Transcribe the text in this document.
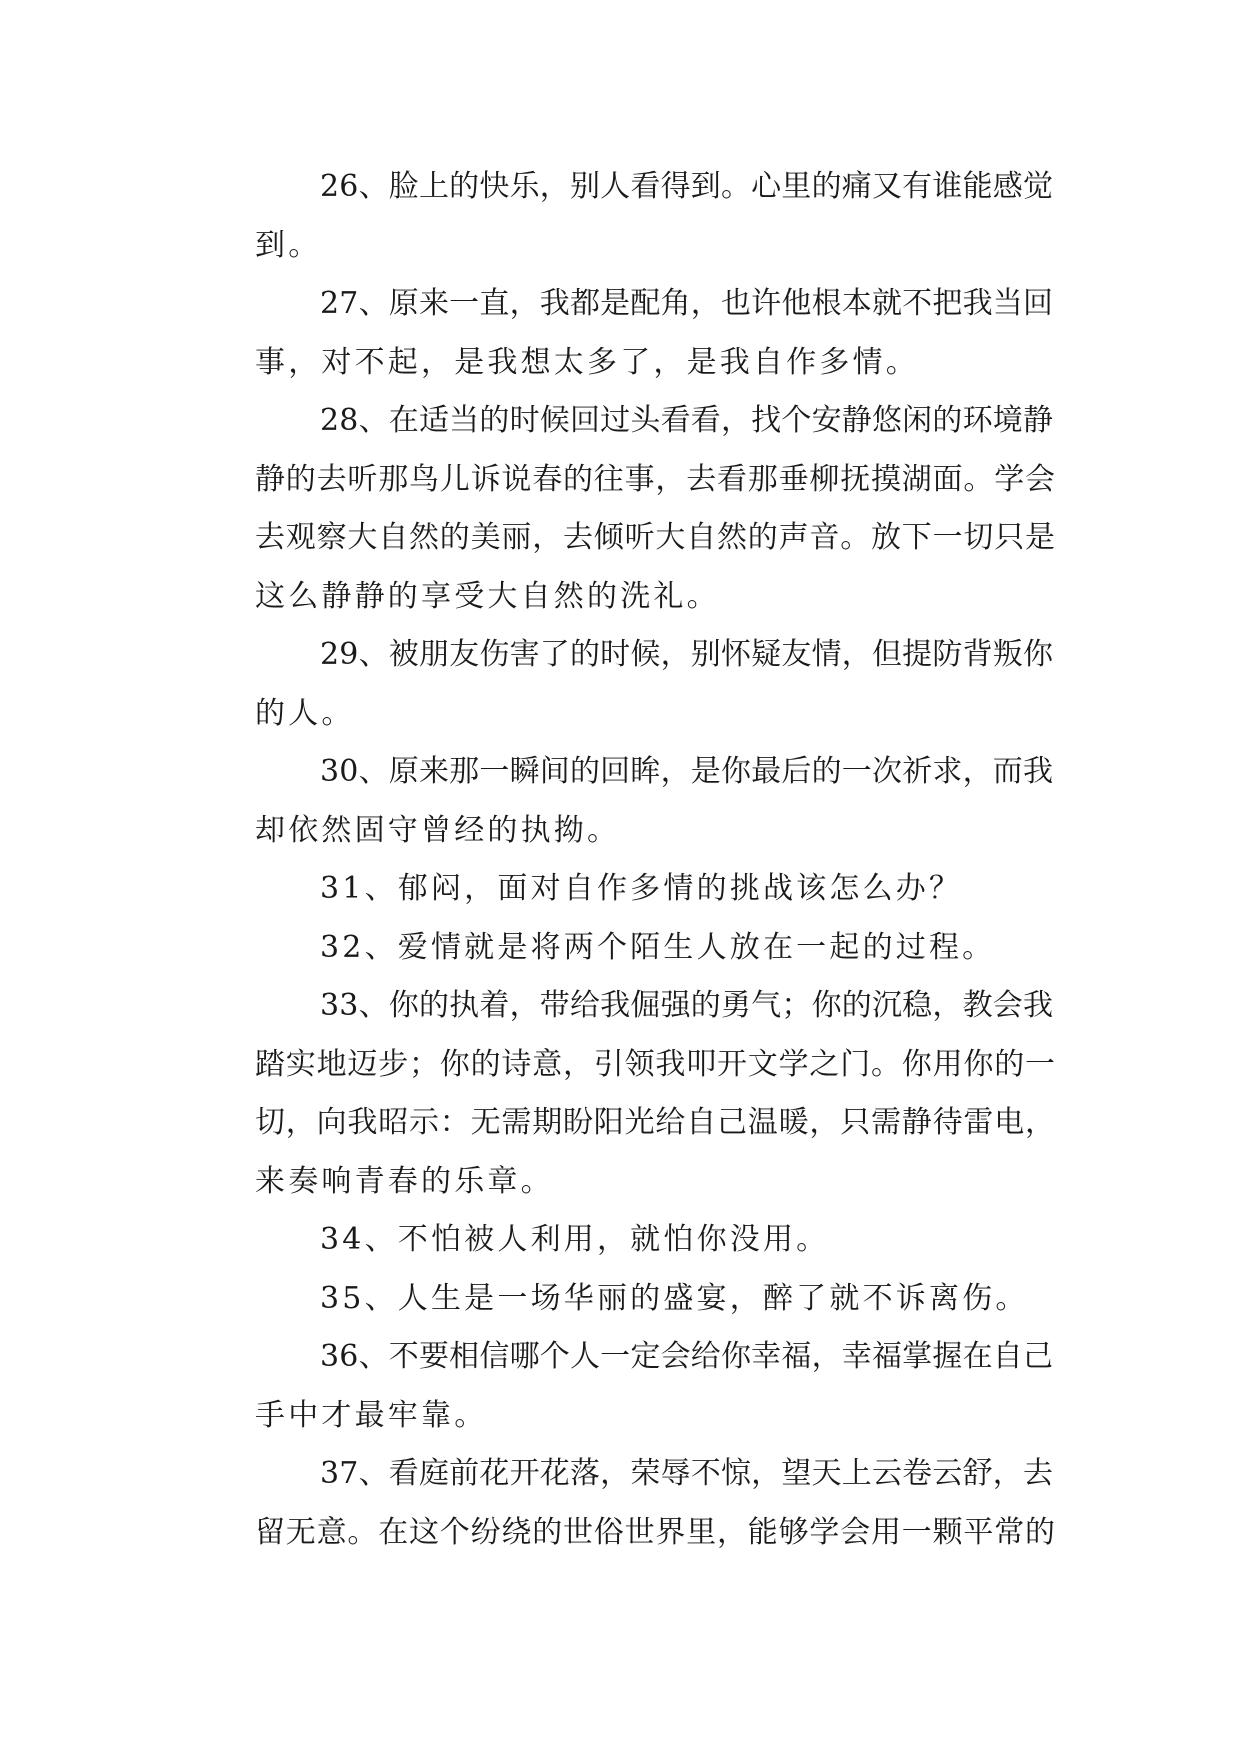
26、脸上的快乐，别人看得到。心里的痛又有谁能感觉
到。
27、原来一直，我都是配角，也许他根本就不把我当回
事，对不起，是我想太多了，是我自作多情。
28、在适当的时候回过头看看，找个安静悠闲的环境静
静的去听那鸟儿诉说春的往事，去看那垂柳抚摸湖面。学会
去观察大自然的美丽，去倾听大自然的声音。放下一切只是
这么静静的享受大自然的洗礼。
29、被朋友伤害了的时候，别怀疑友情，但提防背叛你
的人。
30、原来那一瞬间的回眸，是你最后的一次祈求，而我
却依然固守曾经的执拗。
31、郁闷，面对自作多情的挑战该怎么办？
32、爱情就是将两个陌生人放在一起的过程。
33、你的执着，带给我倔强的勇气；你的沉稳，教会我
踏实地迈步；你的诗意，引领我叩开文学之门。你用你的一
切，向我昭示：无需期盼阳光给自己温暖，只需静待雷电，
来奏响青春的乐章。
34、不怕被人利用，就怕你没用。
35、人生是一场华丽的盛宴，醉了就不诉离伤。
36、不要相信哪个人一定会给你幸福，幸福掌握在自己
手中才最牢靠。
37、看庭前花开花落，荣辱不惊，望天上云卷云舒，去
留无意。在这个纷绕的世俗世界里，能够学会用一颗平常的
